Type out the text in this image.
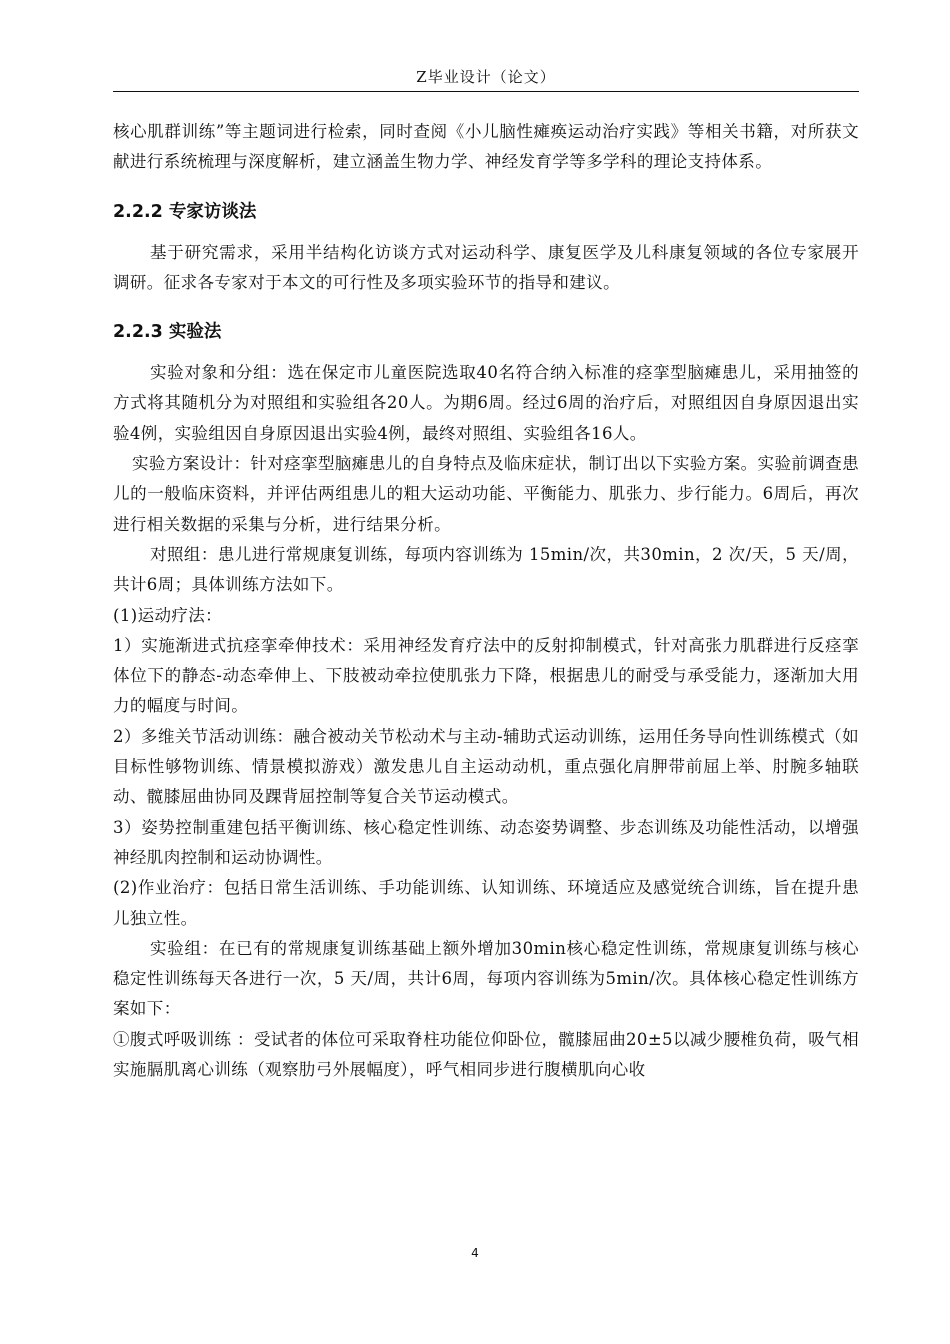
Z毕业设计（论文）

核心肌群训练”等主题词进行检索，同时查阅《小儿脑性瘫痪运动治疗实践》等相关书籍，对所获文献进行系统梳理与深度解析，建立涵盖生物力学、神经发育学等多学科的理论支持体系。

2.2.2 专家访谈法

基于研究需求，采用半结构化访谈方式对运动科学、康复医学及儿科康复领域的各位专家展开调研。征求各专家对于本文的可行性及多项实验环节的指导和建议。

2.2.3 实验法

实验对象和分组：选在保定市儿童医院选取40名符合纳入标准的痉挛型脑瘫患儿，采用抽签的方式将其随机分为对照组和实验组各20人。为期6周。经过6周的治疗后，对照组因自身原因退出实验4例，实验组因自身原因退出实验4例，最终对照组、实验组各16人。

实验方案设计：针对痉挛型脑瘫患儿的自身特点及临床症状，制订出以下实验方案。实验前调查患儿的一般临床资料，并评估两组患儿的粗大运动功能、平衡能力、肌张力、步行能力。6周后，再次进行相关数据的采集与分析，进行结果分析。

对照组：患儿进行常规康复训练，每项内容训练为 15min/次，共30min，2 次/天，5 天/周，共计6周；具体训练方法如下。

(1)运动疗法：

1）实施渐进式抗痉挛牵伸技术：采用神经发育疗法中的反射抑制模式，针对高张力肌群进行反痉挛体位下的静态-动态牵伸上、下肢被动牵拉使肌张力下降，根据患儿的耐受与承受能力，逐渐加大用力的幅度与时间。

2）多维关节活动训练：融合被动关节松动术与主动-辅助式运动训练，运用任务导向性训练模式（如目标性够物训练、情景模拟游戏）激发患儿自主运动动机，重点强化肩胛带前屈上举、肘腕多轴联动、髋膝屈曲协同及踝背屈控制等复合关节运动模式。

3）姿势控制重建包括平衡训练、核心稳定性训练、动态姿势调整、步态训练及功能性活动，以增强神经肌肉控制和运动协调性。

(2)作业治疗：包括日常生活训练、手功能训练、认知训练、环境适应及感觉统合训练，旨在提升患儿独立性。

实验组：在已有的常规康复训练基础上额外增加30min核心稳定性训练，常规康复训练与核心稳定性训练每天各进行一次，5 天/周，共计6周，每项内容训练为5min/次。具体核心稳定性训练方案如下：

①腹式呼吸训练 ：受试者的体位可采取脊柱功能位仰卧位，髋膝屈曲20±5以减少腰椎负荷，吸气相实施膈肌离心训练（观察肋弓外展幅度），呼气相同步进行腹横肌向心收

4
